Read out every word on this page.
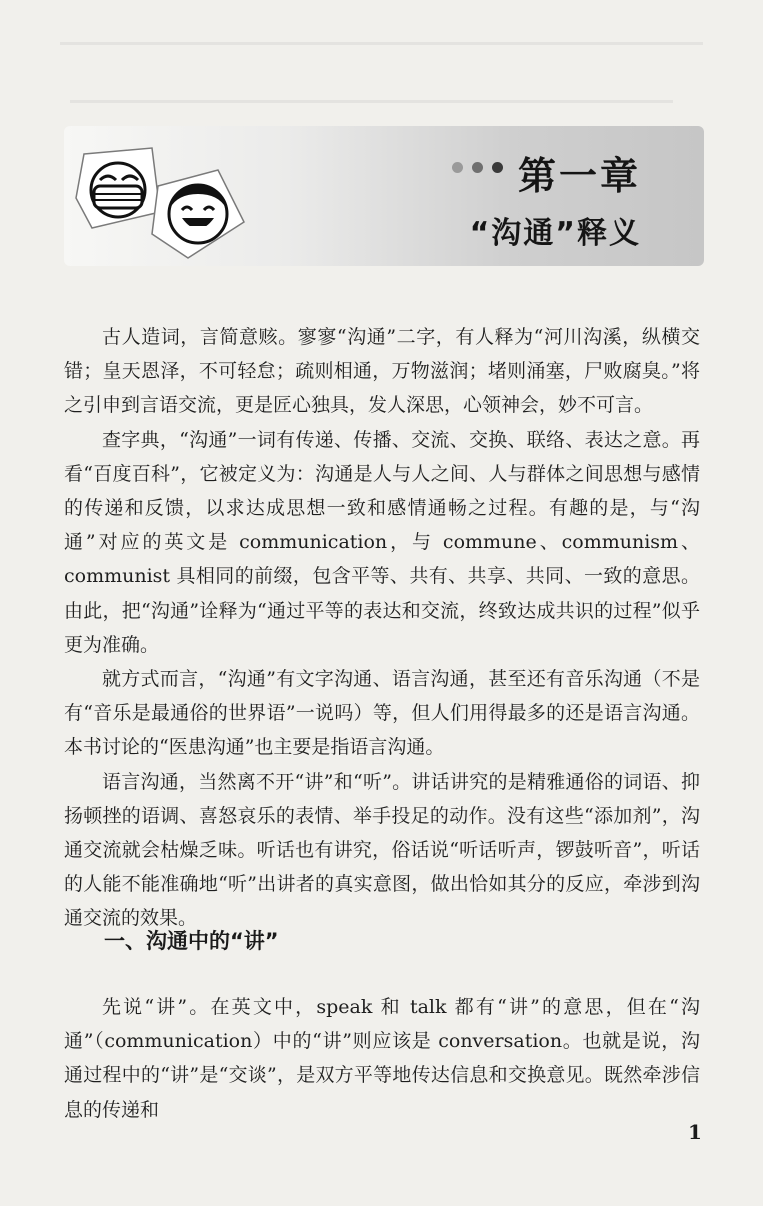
第一章
“沟通”释义

古人造词，言简意赅。寥寥“沟通”二字，有人释为“河川沟溪，纵横交错；皇天恩泽，不可轻怠；疏则相通，万物滋润；堵则涌塞，尸败腐臭。”将之引申到言语交流，更是匠心独具，发人深思，心领神会，妙不可言。

查字典，“沟通”一词有传递、传播、交流、交换、联络、表达之意。再看“百度百科”，它被定义为：沟通是人与人之间、人与群体之间思想与感情的传递和反馈，以求达成思想一致和感情通畅之过程。有趣的是，与“沟通”对应的英文是 communication，与 commune、communism、communist 具相同的前缀，包含平等、共有、共享、共同、一致的意思。由此，把“沟通”诠释为“通过平等的表达和交流，终致达成共识的过程”似乎更为准确。

就方式而言，“沟通”有文字沟通、语言沟通，甚至还有音乐沟通（不是有“音乐是最通俗的世界语”一说吗）等，但人们用得最多的还是语言沟通。本书讨论的“医患沟通”也主要是指语言沟通。

语言沟通，当然离不开“讲”和“听”。讲话讲究的是精雅通俗的词语、抑扬顿挫的语调、喜怒哀乐的表情、举手投足的动作。没有这些“添加剂”，沟通交流就会枯燥乏味。听话也有讲究，俗话说“听话听声，锣鼓听音”，听话的人能不能准确地“听”出讲者的真实意图，做出恰如其分的反应，牵涉到沟通交流的效果。

一、沟通中的“讲”

先说“讲”。在英文中，speak 和 talk 都有“讲”的意思，但在“沟通”（communication）中的“讲”则应该是 conversation。也就是说，沟通过程中的“讲”是“交谈”，是双方平等地传达信息和交换意见。既然牵涉信息的传递和

1
